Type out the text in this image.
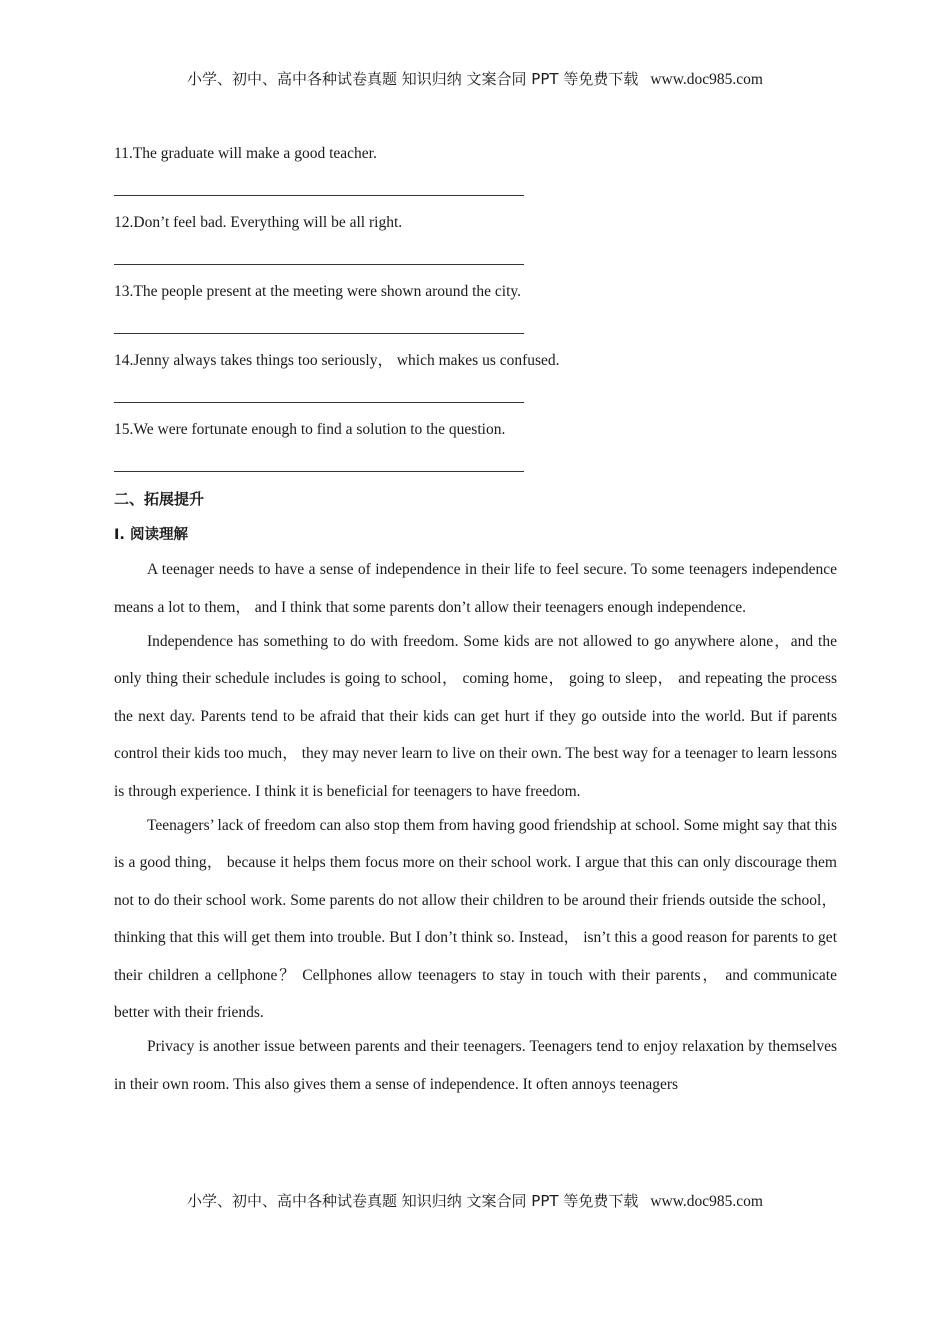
小学、初中、高中各种试卷真题 知识归纳 文案合同 PPT 等免费下载 www.doc985.com
11.The graduate will make a good teacher.
12.Don’t feel bad. Everything will be all right.
13.The people present at the meeting were shown around the city.
14.Jenny always takes things too seriously， which makes us confused.
15.We were fortunate enough to find a solution to the question.
二、拓展提升
I. 阅读理解

A teenager needs to have a sense of independence in their life to feel secure. To some teenagers independence means a lot to them， and I think that some parents don’t allow their teenagers enough independence.

Independence has something to do with freedom. Some kids are not allowed to go anywhere alone，and the only thing their schedule includes is going to school， coming home， going to sleep， and repeating the process the next day. Parents tend to be afraid that their kids can get hurt if they go outside into the world. But if parents control their kids too much， they may never learn to live on their own. The best way for a teenager to learn lessons is through experience. I think it is beneficial for teenagers to have freedom.

Teenagers’ lack of freedom can also stop them from having good friendship at school. Some might say that this is a good thing， because it helps them focus more on their school work. I argue that this can only discourage them not to do their school work. Some parents do not allow their children to be around their friends outside the school， thinking that this will get them into trouble. But I don’t think so. Instead， isn’t this a good reason for parents to get their children a cellphone？ Cellphones allow teenagers to stay in touch with their parents， and communicate better with their friends.

Privacy is another issue between parents and their teenagers. Teenagers tend to enjoy relaxation by themselves in their own room. This also gives them a sense of independence. It often annoys teenagers

小学、初中、高中各种试卷真题 知识归纳 文案合同 PPT 等免费下载 www.doc985.com
